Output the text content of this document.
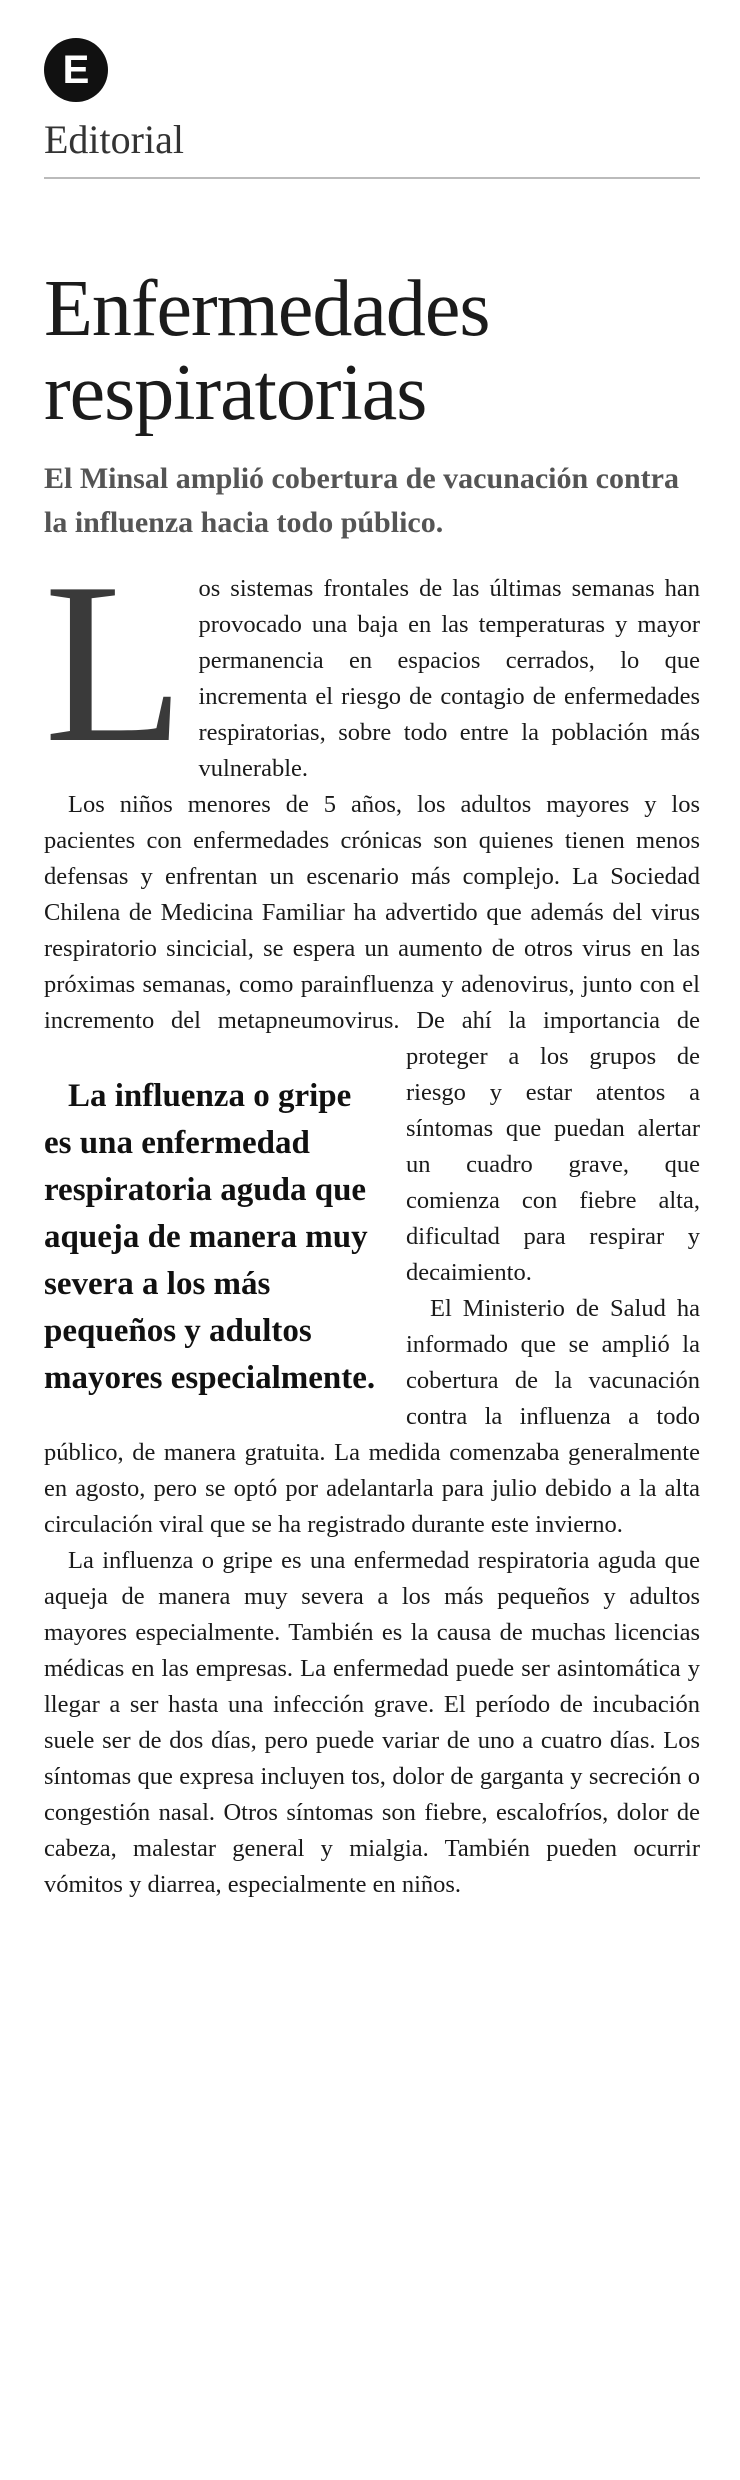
E
Editorial
Enfermedades respiratorias
El Minsal amplió cobertura de vacunación contra la influenza hacia todo público.

Los sistemas frontales de las últimas semanas han provocado una baja en las temperaturas y mayor permanencia en espacios cerrados, lo que incrementa el riesgo de contagio de enfermedades respiratorias, sobre todo entre la población más vulnerable.

Los niños menores de 5 años, los adultos mayores y los pacientes con enfermedades crónicas son quienes tienen menos defensas y enfrentan un escenario más complejo. La Sociedad Chilena de Medicina Familiar ha advertido que además del virus respiratorio sincicial, se espera un aumento de otros virus en las próximas semanas, como parainfluenza y adenovirus, junto con el incremento del metapneumovirus. De ahí la importancia de proteger a los
La influenza o gripe es una enfermedad respiratoria aguda que aqueja de manera muy severa a los más pequeños y adultos mayores especialmente.
grupos de riesgo y estar atentos a síntomas que puedan alertar un cuadro grave, que comienza con fiebre alta, dificultad para respirar y decaimiento.

El Ministerio de Salud ha informado que se amplió la cobertura de la vacunación contra la influenza a todo público, de manera gratuita. La medida comenzaba generalmente en agosto, pero se optó por adelantarla para julio debido a la alta circulación viral que se ha registrado durante este invierno.

La influenza o gripe es una enfermedad respiratoria aguda que aqueja de manera muy severa a los más pequeños y adultos mayores especialmente. También es la causa de muchas licencias médicas en las empresas. La enfermedad puede ser asintomática y llegar a ser hasta una infección grave. El período de incubación suele ser de dos días, pero puede variar de uno a cuatro días. Los síntomas que expresa incluyen tos, dolor de garganta y secreción o congestión nasal. Otros síntomas son fiebre, escalofríos, dolor de cabeza, malestar general y mialgia. También pueden ocurrir vómitos y diarrea, especialmente en niños.
